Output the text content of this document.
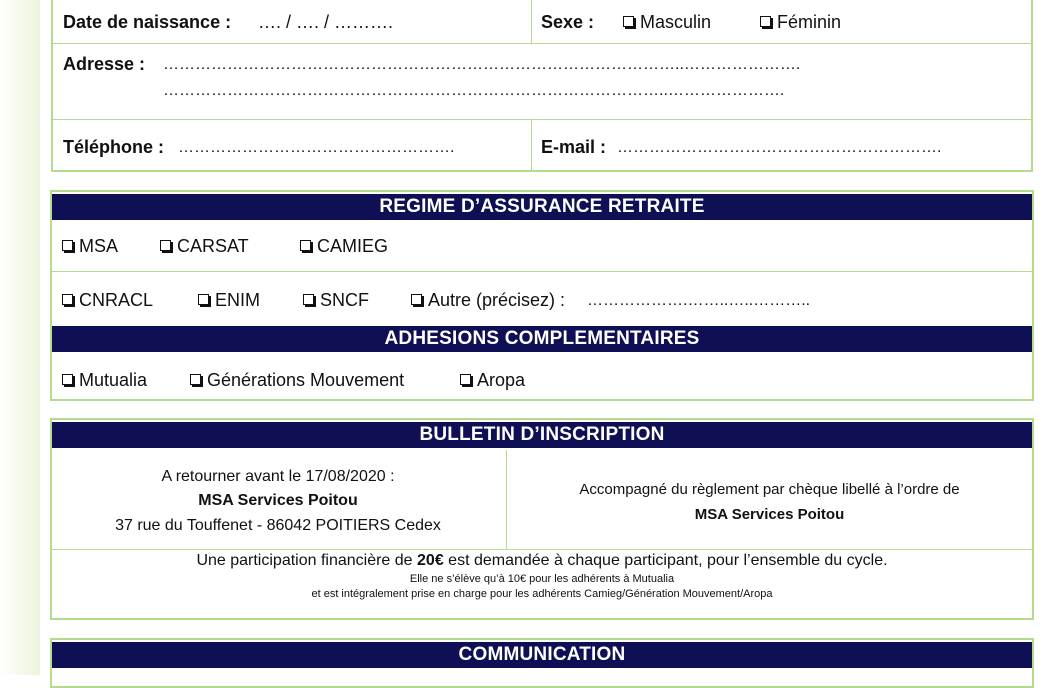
Date de naissance : …. / …. / ……….	Sexe :	Masculin	Féminin
Adresse : ……………………………………………………………………………………..………………….
…………………………………………………………………………………..………………….
Téléphone : …………………………………………….	E-mail : …………………………………………………….
REGIME D’ASSURANCE RETRAITE
MSA	CARSAT	CAMIEG
CNRACL	ENIM	SNCF	Autre (précisez) : ……………….……..…..………..
ADHESIONS COMPLEMENTAIRES
Mutualia	Générations Mouvement	Aropa
BULLETIN D’INSCRIPTION
A retourner avant le 17/08/2020 :
MSA Services Poitou
37 rue du Touffenet - 86042 POITIERS Cedex
Accompagné du règlement par chèque libellé à l’ordre de
MSA Services Poitou
Une participation financière de 20€ est demandée à chaque participant, pour l’ensemble du cycle.
Elle ne s’élève qu’à 10€ pour les adhérents à Mutualia
et est intégralement prise en charge pour les adhérents Camieg/Génération Mouvement/Aropa
COMMUNICATION
